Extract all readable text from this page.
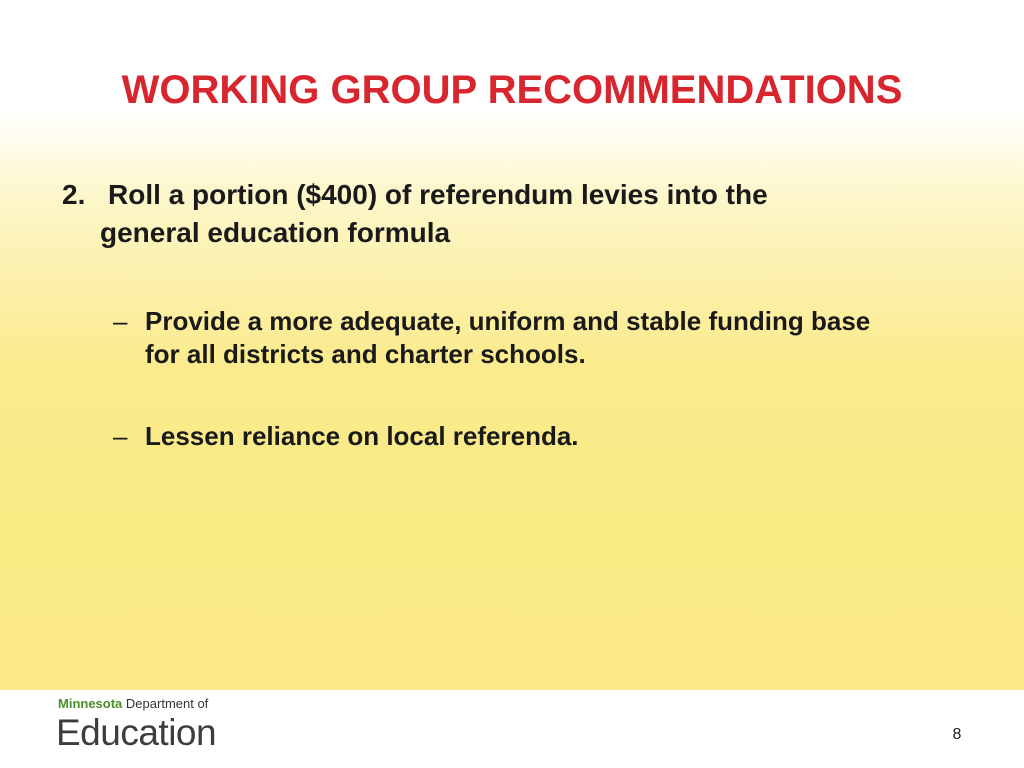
WORKING GROUP RECOMMENDATIONS
2. Roll a portion ($400) of referendum levies into the
general education formula
– Provide a more adequate, uniform and stable funding base
for all districts and charter schools.
– Lessen reliance on local referenda.
Minnesota Department of
Education	8
